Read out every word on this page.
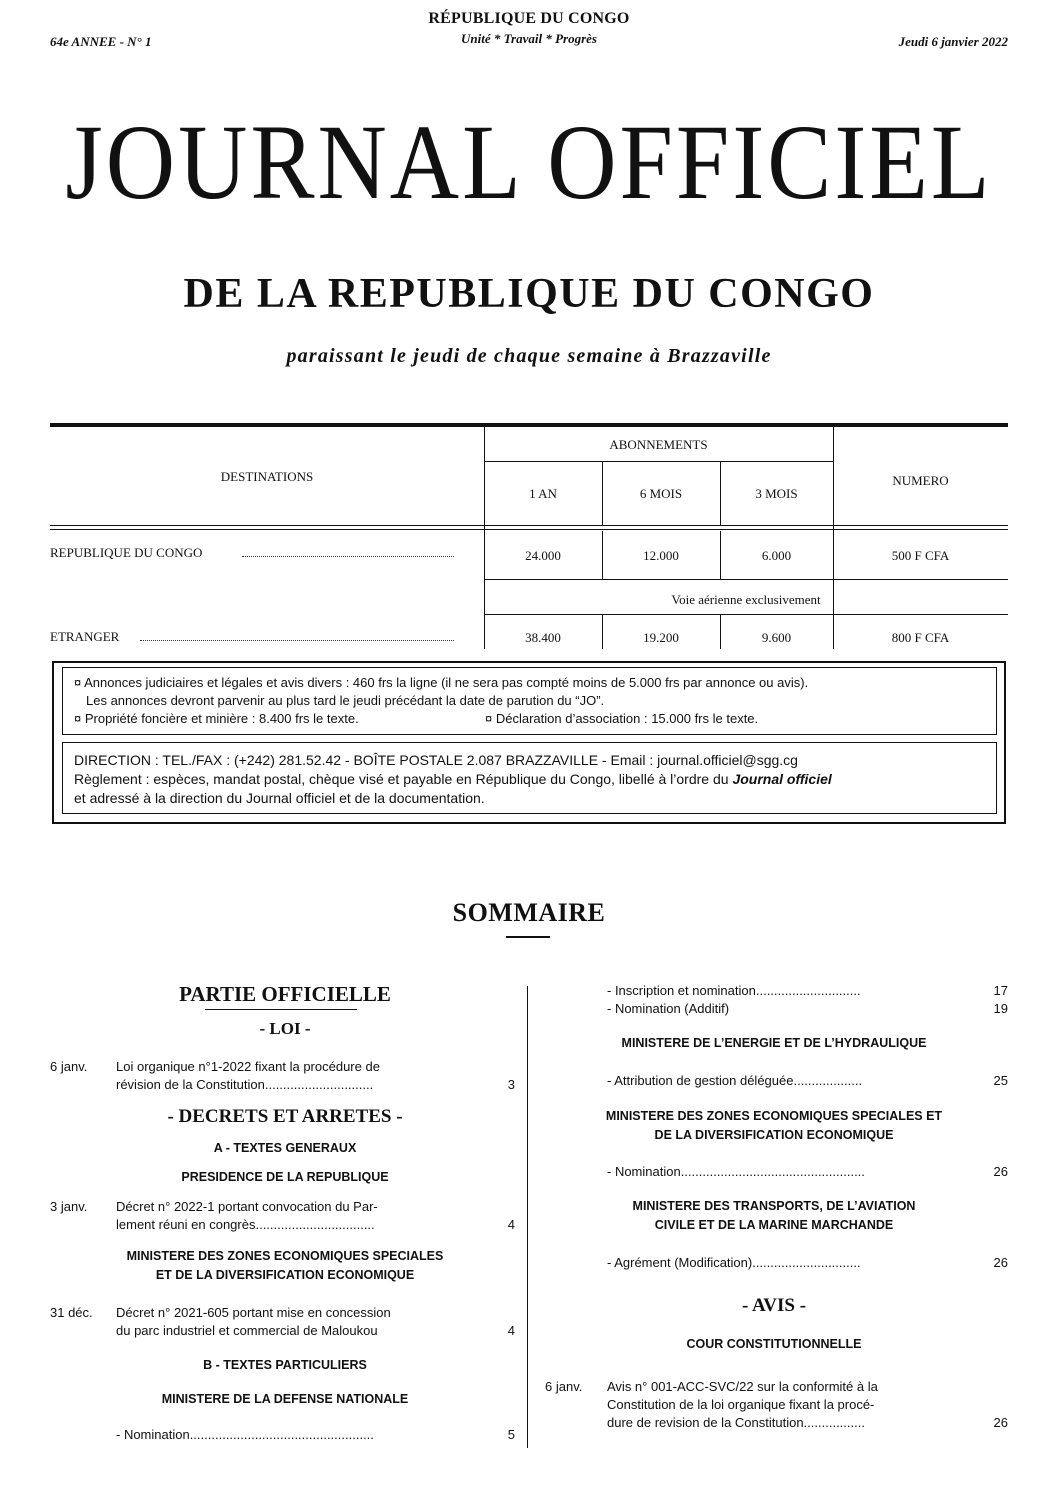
RÉPUBLIQUE DU CONGO
Unité * Travail * Progrès
64e ANNEE - N° 1	Jeudi 6 janvier 2022
JOURNAL OFFICIEL
DE LA REPUBLIQUE DU CONGO
paraissant le jeudi de chaque semaine à Brazzaville
DESTINATIONS
ABONNEMENTS
NUMERO
1 AN	6 MOIS	3 MOIS
REPUBLIQUE DU CONGO	24.000	12.000	6.000	500 F CFA
Voie aérienne exclusivement
ETRANGER	38.400	19.200	9.600	800 F CFA
¤ Annonces judiciaires et légales et avis divers : 460 frs la ligne (il ne sera pas compté moins de 5.000 frs par annonce ou avis).
Les annonces devront parvenir au plus tard le jeudi précédant la date de parution du “JO”.
¤ Propriété foncière et minière : 8.400 frs le texte.	¤ Déclaration d’association : 15.000 frs le texte.
DIRECTION : TEL./FAX : (+242) 281.52.42 - BOÎTE POSTALE 2.087 BRAZZAVILLE - Email : journal.officiel@sgg.cg
Règlement : espèces, mandat postal, chèque visé et payable en République du Congo, libellé à l’ordre du Journal officiel
et adressé à la direction du Journal officiel et de la documentation.
SOMMAIRE
PARTIE OFFICIELLE
- LOI -
6 janv. Loi organique n°1-2022 fixant la procédure de
révision de la Constitution..............................	3
- DECRETS ET ARRETES -
A - TEXTES GENERAUX
PRESIDENCE DE LA REPUBLIQUE
3 janv. Décret n° 2022-1 portant convocation du Par-
lement réuni en congrès.................................	4
MINISTERE DES ZONES ECONOMIQUES SPECIALES
ET DE LA DIVERSIFICATION ECONOMIQUE
31 déc. Décret n° 2021-605 portant mise en concession
du parc industriel et commercial de Maloukou	4
B - TEXTES PARTICULIERS
MINISTERE DE LA DEFENSE NATIONALE
- Nomination...................................................	5
- Inscription et nomination.............................	17
- Nomination (Additif)	19
MINISTERE DE L’ENERGIE ET DE L’HYDRAULIQUE
- Attribution de gestion déléguée...................	25
MINISTERE DES ZONES ECONOMIQUES SPECIALES ET
DE LA DIVERSIFICATION ECONOMIQUE
- Nomination...................................................	26
MINISTERE DES TRANSPORTS, DE L’AVIATION
CIVILE ET DE LA MARINE MARCHANDE
- Agrément (Modification)..............................	26
- AVIS -
COUR CONSTITUTIONNELLE
6 janv. Avis n° 001-ACC-SVC/22 sur la conformité à la
Constitution de la loi organique fixant la procé-
dure de revision de la Constitution.................	26
